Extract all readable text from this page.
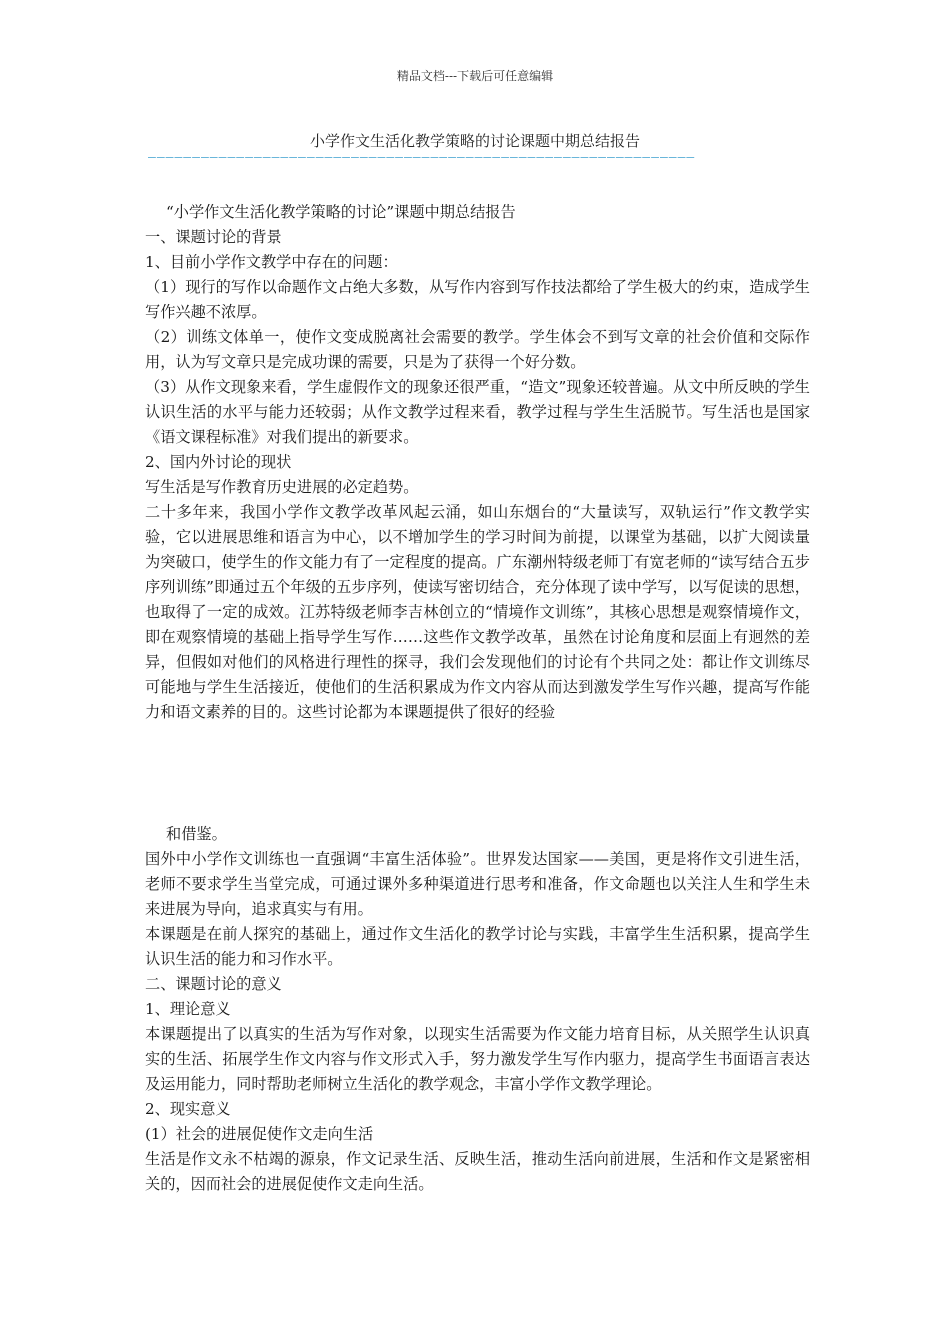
精品文档---下载后可任意编辑
小学作文生活化教学策略的讨论课题中期总结报告
——————————————————————————————————————————————————————————————

“小学作文生活化教学策略的讨论”课题中期总结报告

一、课题讨论的背景

1、目前小学作文教学中存在的问题：

（1）现行的写作以命题作文占绝大多数，从写作内容到写作技法都给了学生极大的约束，造成学生写作兴趣不浓厚。

（2）训练文体单一，使作文变成脱离社会需要的教学。学生体会不到写文章的社会价值和交际作用，认为写文章只是完成功课的需要，只是为了获得一个好分数。

（3）从作文现象来看，学生虚假作文的现象还很严重，“造文”现象还较普遍。从文中所反映的学生认识生活的水平与能力还较弱；从作文教学过程来看，教学过程与学生生活脱节。写生活也是国家《语文课程标准》对我们提出的新要求。

2、国内外讨论的现状

写生活是写作教育历史进展的必定趋势。

二十多年来，我国小学作文教学改革风起云涌，如山东烟台的“大量读写，双轨运行”作文教学实验，它以进展思维和语言为中心，以不增加学生的学习时间为前提，以课堂为基础，以扩大阅读量为突破口，使学生的作文能力有了一定程度的提高。广东潮州特级老师丁有宽老师的“读写结合五步序列训练”即通过五个年级的五步序列，使读写密切结合，充分体现了读中学写，以写促读的思想，也取得了一定的成效。江苏特级老师李吉林创立的“情境作文训练”，其核心思想是观察情境作文，即在观察情境的基础上指导学生写作……这些作文教学改革，虽然在讨论角度和层面上有迥然的差异，但假如对他们的风格进行理性的探寻，我们会发现他们的讨论有个共同之处：都让作文训练尽可能地与学生生活接近，使他们的生活积累成为作文内容从而达到激发学生写作兴趣，提高写作能力和语文素养的目的。这些讨论都为本课题提供了很好的经验

和借鉴。

国外中小学作文训练也一直强调“丰富生活体验”。世界发达国家——美国，更是将作文引进生活，老师不要求学生当堂完成，可通过课外多种渠道进行思考和准备，作文命题也以关注人生和学生未来进展为导向，追求真实与有用。

本课题是在前人探究的基础上，通过作文生活化的教学讨论与实践，丰富学生生活积累，提高学生认识生活的能力和习作水平。

二、课题讨论的意义

1、理论意义

本课题提出了以真实的生活为写作对象，以现实生活需要为作文能力培育目标，从关照学生认识真实的生活、拓展学生作文内容与作文形式入手，努力激发学生写作内驱力，提高学生书面语言表达及运用能力，同时帮助老师树立生活化的教学观念，丰富小学作文教学理论。

2、现实意义

(1）社会的进展促使作文走向生活

生活是作文永不枯竭的源泉，作文记录生活、反映生活，推动生活向前进展，生活和作文是紧密相关的，因而社会的进展促使作文走向生活。
